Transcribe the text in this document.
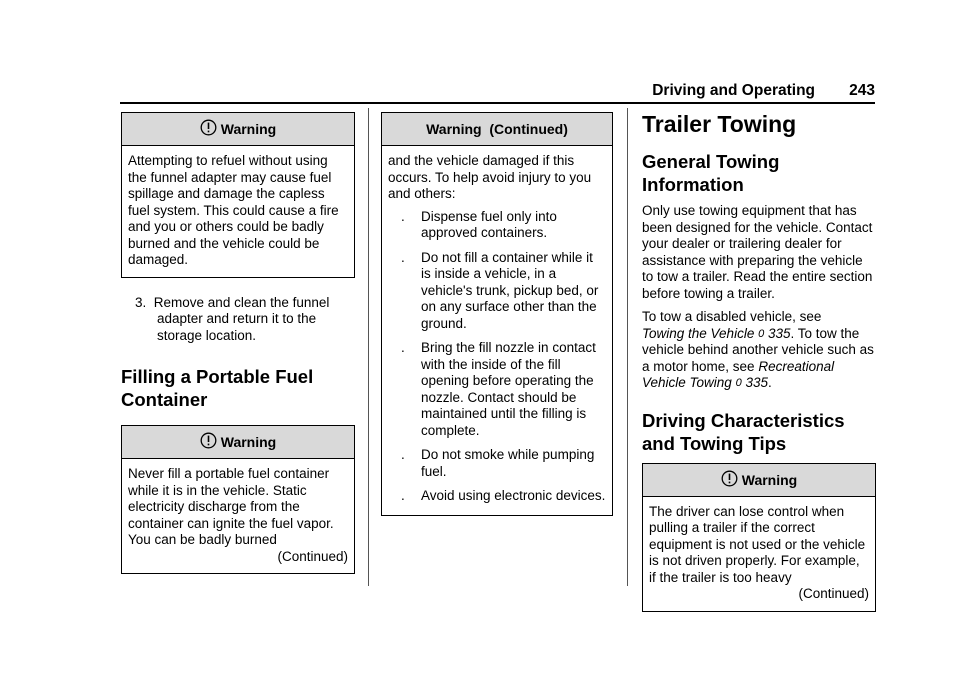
Driving and Operating 243
Warning
Attempting to refuel without using the funnel adapter may cause fuel spillage and damage the capless fuel system. This could cause a fire and you or others could be badly burned and the vehicle could be damaged.
3. Remove and clean the funnel adapter and return it to the storage location.
Filling a Portable Fuel Container
Warning
Never fill a portable fuel container while it is in the vehicle. Static electricity discharge from the container can ignite the fuel vapor. You can be badly burned
(Continued)
Warning  (Continued)

and the vehicle damaged if this occurs. To help avoid injury to you and others:

. Dispense fuel only into approved containers.
. Do not fill a container while it is inside a vehicle, in a vehicle's trunk, pickup bed, or on any surface other than the ground.
. Bring the fill nozzle in contact with the inside of the fill opening before operating the nozzle. Contact should be maintained until the filling is complete.
. Do not smoke while pumping fuel.
. Avoid using electronic devices.
Trailer Towing
General Towing Information

Only use towing equipment that has been designed for the vehicle. Contact your dealer or trailering dealer for assistance with preparing the vehicle to tow a trailer. Read the entire section before towing a trailer.

To tow a disabled vehicle, see
Towing the Vehicle 0 335. To tow the vehicle behind another vehicle such as a motor home, see Recreational Vehicle Towing 0 335.

Driving Characteristics and Towing Tips
Warning
The driver can lose control when pulling a trailer if the correct equipment is not used or the vehicle is not driven properly. For example, if the trailer is too heavy
(Continued)
